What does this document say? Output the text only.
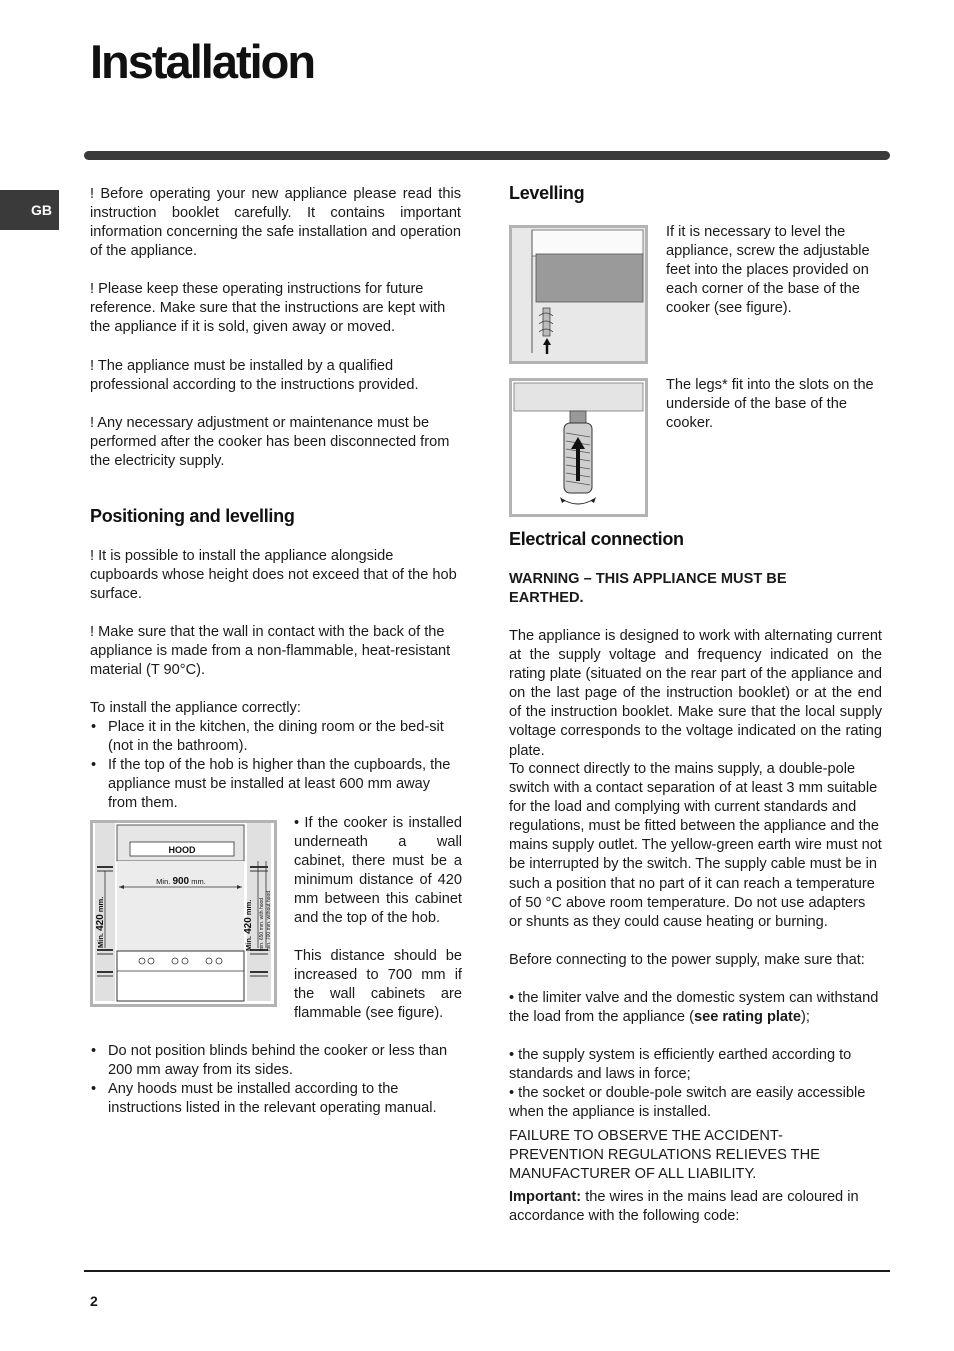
Installation
GB

! Before operating your new appliance please read this instruction booklet carefully. It contains important information concerning the safe installation and operation of the appliance.

! Please keep these operating instructions for future reference. Make sure that the instructions are kept with the appliance if it is sold, given away or moved.

! The appliance must be installed by a qualified professional according to the instructions provided.

! Any necessary adjustment or maintenance must be performed after the cooker has been disconnected from the electricity supply.

Positioning and levelling

! It is possible to install the appliance alongside cupboards whose height does not exceed that of the hob surface.

! Make sure that the wall in contact with the back of the appliance is made from a non-flammable, heat-resistant material (T 90°C).

To install the appliance correctly:

• Place it in the kitchen, the dining room or the bed-sit (not in the bathroom).
• If the top of the hob is higher than the cupboards, the appliance must be installed at least 600 mm away from them.
HOOD
Min. 900 mm.
Min. 420 mm.
Min. 420 mm. min. 650 mm. with hood min. 700 mm. without hood

• If the cooker is installed underneath a wall cabinet, there must be a minimum distance of 420 mm between this cabinet and the top of the hob.

This distance should be increased to 700 mm if the wall cabinets are flammable (see figure).

• Do not position blinds behind the cooker or less than 200 mm away from its sides.
• Any hoods must be installed according to the instructions listed in the relevant operating manual.
Levelling

If it is necessary to level the appliance, screw the adjustable feet into the places provided on each corner of the base of the cooker (see figure).

The legs* fit into the slots on the underside of the base of the cooker.

Electrical connection

WARNING – THIS APPLIANCE MUST BE EARTHED.

The appliance is designed to work with alternating current at the supply voltage and frequency indicated on the rating plate (situated on the rear part of the appliance and on the last page of the instruction booklet) or at the end of the instruction booklet. Make sure that the local supply voltage corresponds to the voltage indicated on the rating plate.

To connect directly to the mains supply, a double-pole switch with a contact separation of at least 3 mm suitable for the load and complying with current standards and regulations, must be fitted between the appliance and the mains supply outlet. The yellow-green earth wire must not be interrupted by the switch. The supply cable must be in such a position that no part of it can reach a temperature of 50 °C above room temperature. Do not use adapters or shunts as they could cause heating or burning.

Before connecting to the power supply, make sure that:

• the limiter valve and the domestic system can withstand the load from the appliance (see rating plate);

• the supply system is efficiently earthed according to standards and laws in force;

• the socket or double-pole switch are easily accessible when the appliance is installed.

FAILURE TO OBSERVE THE ACCIDENT-PREVENTION REGULATIONS RELIEVES THE MANUFACTURER OF ALL LIABILITY.

Important: the wires in the mains lead are coloured in accordance with the following code:

2
